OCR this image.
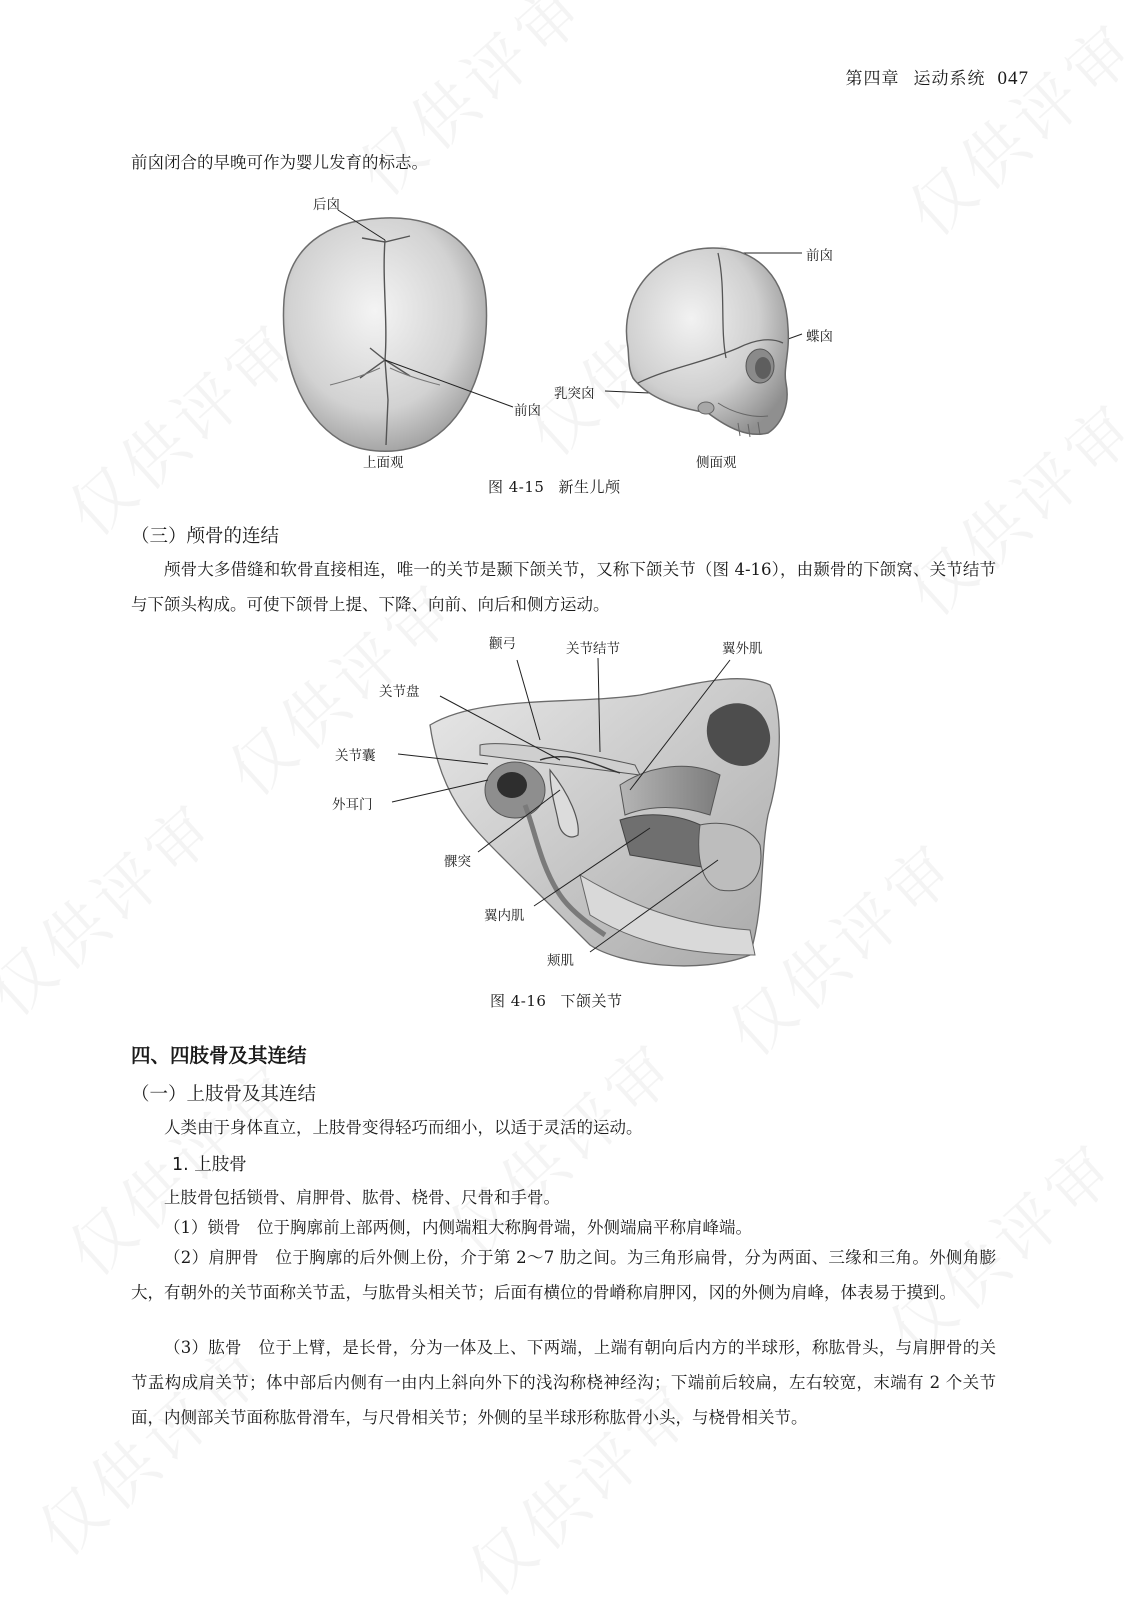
第四章 运动系统 047

前囟闭合的早晚可作为婴儿发育的标志。

后囟
前囟
前囟
蝶囟
乳突囟
上面观	侧面观
图 4-15 新生儿颅
（三）颅骨的连结

颅骨大多借缝和软骨直接相连，唯一的关节是颞下颌关节，又称下颌关节（图 4-16），由颞骨的下颌窝、关节结节与下颌头构成。可使下颌骨上提、下降、向前、向后和侧方运动。

颧弓	关节结节	翼外肌
关节盘
关节囊
外耳门
髁突
翼内肌
颊肌
图 4-16 下颌关节
四、四肢骨及其连结
（一）上肢骨及其连结

人类由于身体直立，上肢骨变得轻巧而细小，以适于灵活的运动。

1. 上肢骨

上肢骨包括锁骨、肩胛骨、肱骨、桡骨、尺骨和手骨。

（1）锁骨　位于胸廓前上部两侧，内侧端粗大称胸骨端，外侧端扁平称肩峰端。

（2）肩胛骨　位于胸廓的后外侧上份，介于第 2～7 肋之间。为三角形扁骨，分为两面、三缘和三角。外侧角膨大，有朝外的关节面称关节盂，与肱骨头相关节；后面有横位的骨嵴称肩胛冈，冈的外侧为肩峰，体表易于摸到。

（3）肱骨　位于上臂，是长骨，分为一体及上、下两端，上端有朝向后内方的半球形，称肱骨头，与肩胛骨的关节盂构成肩关节；体中部后内侧有一由内上斜向外下的浅沟称桡神经沟；下端前后较扁，左右较宽，末端有 2 个关节面，内侧部关节面称肱骨滑车，与尺骨相关节；外侧的呈半球形称肱骨小头，与桡骨相关节。
